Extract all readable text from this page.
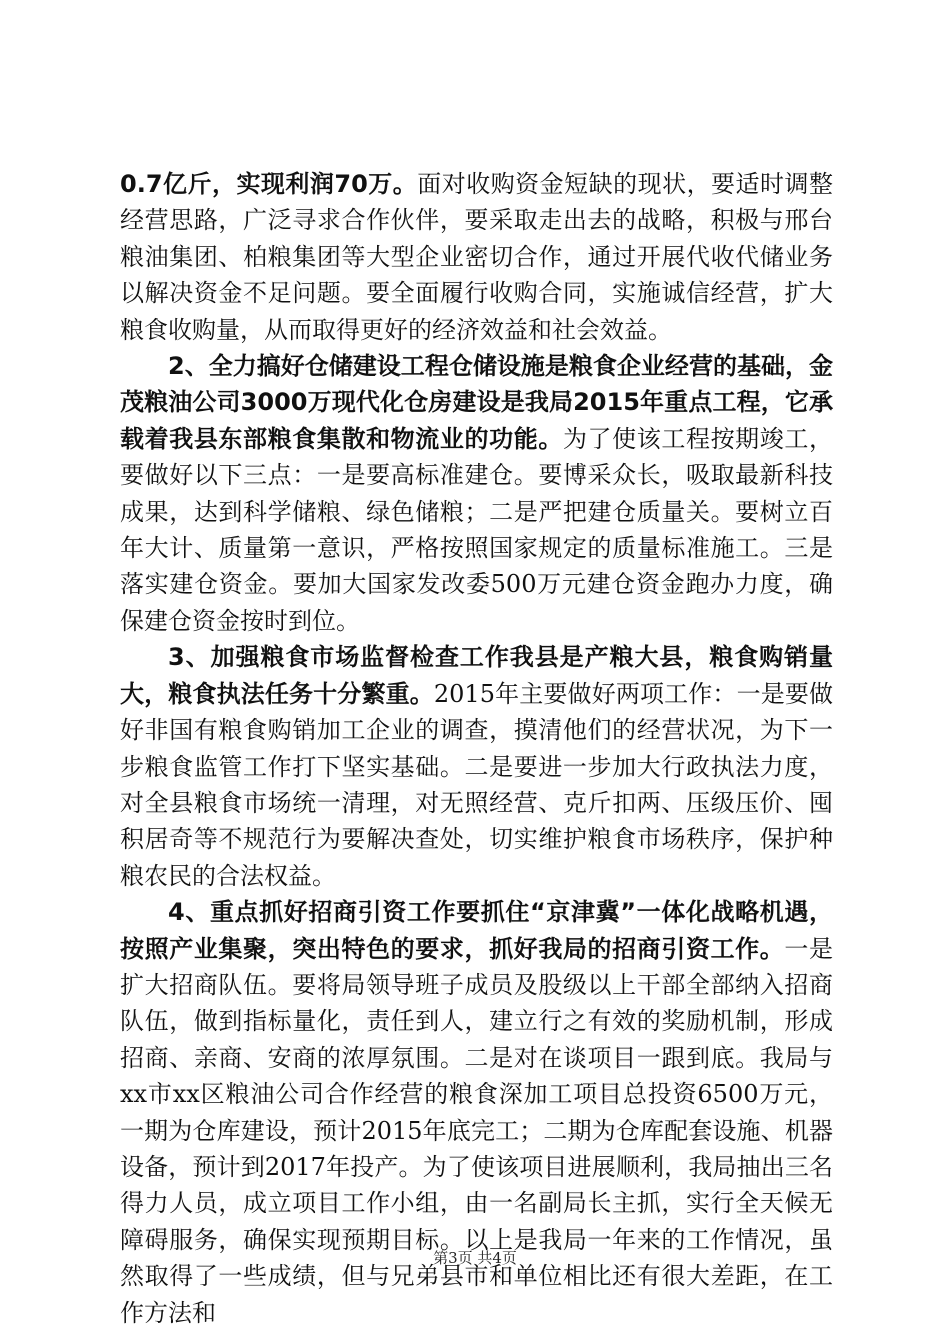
0.7亿斤，实现利润70万。面对收购资金短缺的现状，要适时调整经营思路，广泛寻求合作伙伴，要采取走出去的战略，积极与邢台粮油集团、柏粮集团等大型企业密切合作，通过开展代收代储业务以解决资金不足问题。要全面履行收购合同，实施诚信经营，扩大粮食收购量，从而取得更好的经济效益和社会效益。

2、全力搞好仓储建设工程仓储设施是粮食企业经营的基础，金茂粮油公司3000万现代化仓房建设是我局2015年重点工程，它承载着我县东部粮食集散和物流业的功能。为了使该工程按期竣工，要做好以下三点：一是要高标准建仓。要博采众长，吸取最新科技成果，达到科学储粮、绿色储粮；二是严把建仓质量关。要树立百年大计、质量第一意识，严格按照国家规定的质量标准施工。三是落实建仓资金。要加大国家发改委500万元建仓资金跑办力度，确保建仓资金按时到位。

3、加强粮食市场监督检查工作我县是产粮大县，粮食购销量大，粮食执法任务十分繁重。2015年主要做好两项工作：一是要做好非国有粮食购销加工企业的调查，摸清他们的经营状况，为下一步粮食监管工作打下坚实基础。二是要进一步加大行政执法力度，对全县粮食市场统一清理，对无照经营、克斤扣两、压级压价、囤积居奇等不规范行为要解决查处，切实维护粮食市场秩序，保护种粮农民的合法权益。

4、重点抓好招商引资工作要抓住“京津冀”一体化战略机遇，按照产业集聚，突出特色的要求，抓好我局的招商引资工作。一是扩大招商队伍。要将局领导班子成员及股级以上干部全部纳入招商队伍，做到指标量化，责任到人，建立行之有效的奖励机制，形成招商、亲商、安商的浓厚氛围。二是对在谈项目一跟到底。我局与xx市xx区粮油公司合作经营的粮食深加工项目总投资6500万元，一期为仓库建设，预计2015年底完工；二期为仓库配套设施、机器设备，预计到2017年投产。为了使该项目进展顺利，我局抽出三名得力人员，成立项目工作小组，由一名副局长主抓，实行全天候无障碍服务，确保实现预期目标。以上是我局一年来的工作情况，虽然取得了一些成绩，但与兄弟县市和单位相比还有很大差距，在工作方法和

第3页 共4页
